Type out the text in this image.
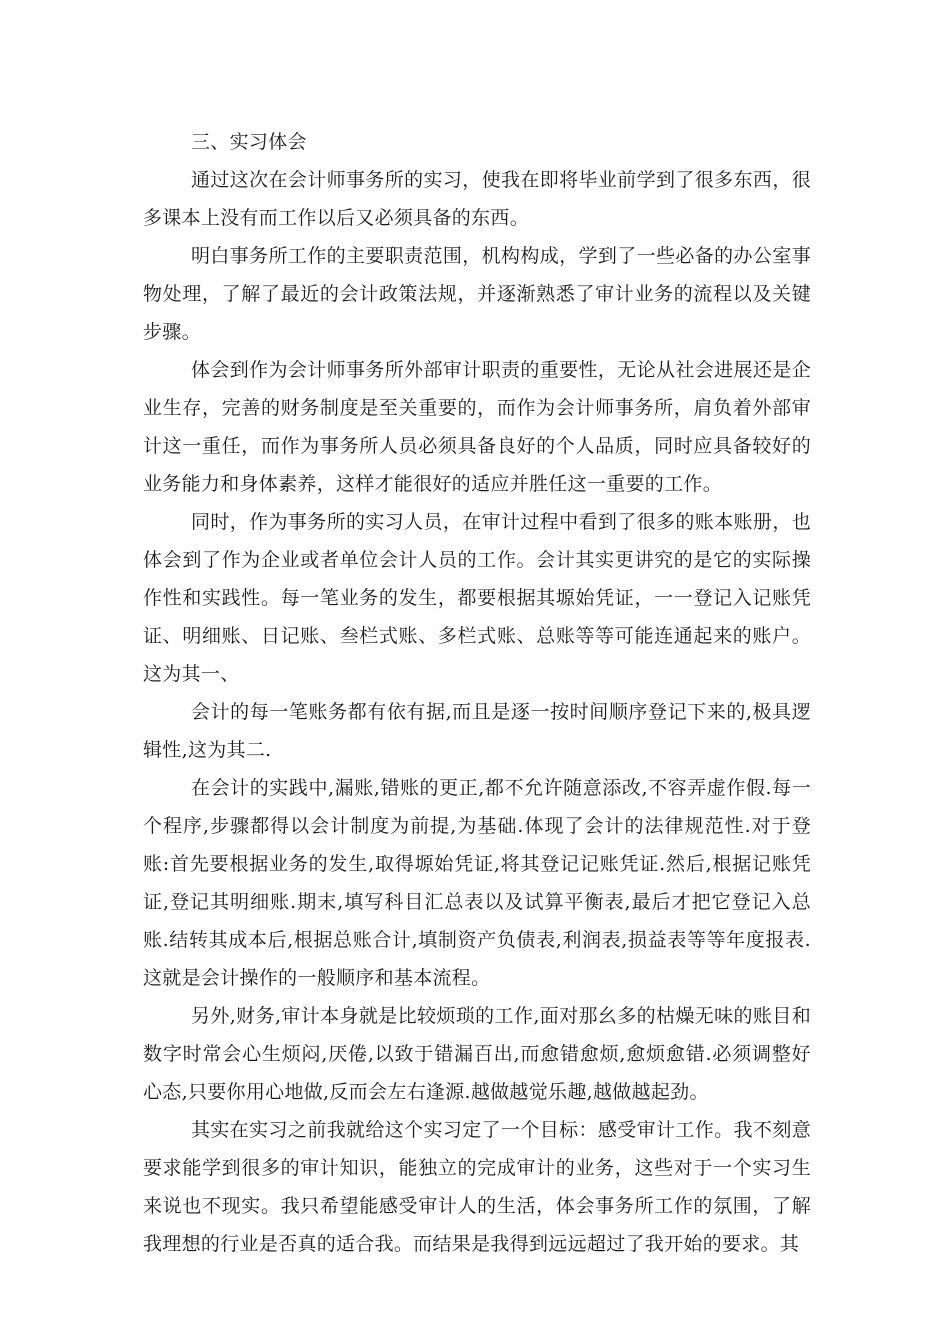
三、实习体会

通过这次在会计师事务所的实习，使我在即将毕业前学到了很多东西，很多课本上没有而工作以后又必须具备的东西。

明白事务所工作的主要职责范围，机构构成，学到了一些必备的办公室事物处理，了解了最近的会计政策法规，并逐渐熟悉了审计业务的流程以及关键步骤。

体会到作为会计师事务所外部审计职责的重要性，无论从社会进展还是企业生存，完善的财务制度是至关重要的，而作为会计师事务所，肩负着外部审计这一重任，而作为事务所人员必须具备良好的个人品质，同时应具备较好的业务能力和身体素养，这样才能很好的适应并胜任这一重要的工作。

同时，作为事务所的实习人员，在审计过程中看到了很多的账本账册，也体会到了作为企业或者单位会计人员的工作。会计其实更讲究的是它的实际操作性和实践性。每一笔业务的发生，都要根据其塬始凭证，一一登记入记账凭证、明细账、日记账、叁栏式账、多栏式账、总账等等可能连通起来的账户。这为其一、

会计的每一笔账务都有依有据,而且是逐一按时间顺序登记下来的,极具逻辑性,这为其二.

在会计的实践中,漏账,错账的更正,都不允许随意添改,不容弄虚作假.每一个程序,步骤都得以会计制度为前提,为基础.体现了会计的法律规范性.对于登账:首先要根据业务的发生,取得塬始凭证,将其登记记账凭证.然后,根据记账凭证,登记其明细账.期末,填写科目汇总表以及试算平衡表,最后才把它登记入总账.结转其成本后,根据总账合计,填制资产负债表,利润表,损益表等等年度报表.这就是会计操作的一般顺序和基本流程。

另外,财务,审计本身就是比较烦琐的工作,面对那幺多的枯燥无味的账目和数字时常会心生烦闷,厌倦,以致于错漏百出,而愈错愈烦,愈烦愈错.必须调整好心态,只要你用心地做,反而会左右逢源.越做越觉乐趣,越做越起劲。

其实在实习之前我就给这个实习定了一个目标：感受审计工作。我不刻意要求能学到很多的审计知识，能独立的完成审计的业务，这些对于一个实习生来说也不现实。我只希望能感受审计人的生活，体会事务所工作的氛围，了解我理想的行业是否真的适合我。而结果是我得到远远超过了我开始的要求。其
